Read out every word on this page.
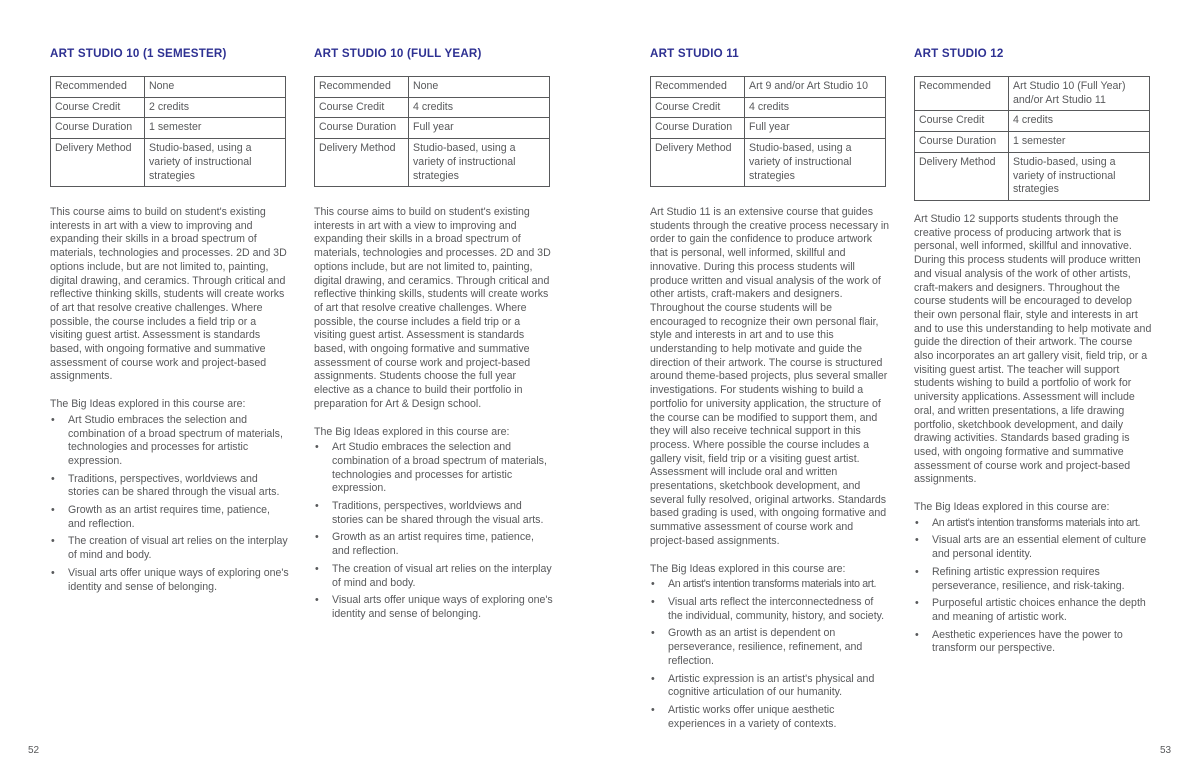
ART STUDIO 10 (1 SEMESTER)
Recommended	None
Course Credit	2 credits
Course Duration	1 semester
Delivery Method	Studio-based, using a variety of instructional strategies

This course aims to build on student's existing interests in art with a view to improving and expanding their skills in a broad spectrum of materials, technologies and processes. 2D and 3D options include, but are not limited to, painting, digital drawing, and ceramics. Through critical and reflective thinking skills, students will create works of art that resolve creative challenges. Where possible, the course includes a field trip or a visiting guest artist. Assessment is standards based, with ongoing formative and summative assessment of course work and project-based assignments.

The Big Ideas explored in this course are:

• Art Studio embraces the selection and combination of a broad spectrum of materials, technologies and processes for artistic expression.
• Traditions, perspectives, worldviews and stories can be shared through the visual arts.
• Growth as an artist requires time, patience, and reflection.
• The creation of visual art relies on the interplay of mind and body.
• Visual arts offer unique ways of exploring one's identity and sense of belonging.
ART STUDIO 10 (FULL YEAR)
Recommended	None
Course Credit	4 credits
Course Duration	Full year
Delivery Method	Studio-based, using a variety of instructional strategies

This course aims to build on student's existing interests in art with a view to improving and expanding their skills in a broad spectrum of materials, technologies and processes. 2D and 3D options include, but are not limited to, painting, digital drawing, and ceramics. Through critical and reflective thinking skills, students will create works of art that resolve creative challenges. Where possible, the course includes a field trip or a visiting guest artist. Assessment is standards based, with ongoing formative and summative assessment of course work and project-based assignments. Students choose the full year elective as a chance to build their portfolio in preparation for Art & Design school.

The Big Ideas explored in this course are:

• Art Studio embraces the selection and combination of a broad spectrum of materials, technologies and processes for artistic expression.
• Traditions, perspectives, worldviews and stories can be shared through the visual arts.
• Growth as an artist requires time, patience, and reflection.
• The creation of visual art relies on the interplay of mind and body.
• Visual arts offer unique ways of exploring one's identity and sense of belonging.
ART STUDIO 11
Recommended	Art 9 and/or Art Studio 10
Course Credit	4 credits
Course Duration	Full year
Delivery Method	Studio-based, using a variety of instructional strategies

Art Studio 11 is an extensive course that guides students through the creative process necessary in order to gain the confidence to produce artwork that is personal, well informed, skillful and innovative. During this process students will produce written and visual analysis of the work of other artists, craft-makers and designers. Throughout the course students will be encouraged to recognize their own personal flair, style and interests in art and to use this understanding to help motivate and guide the direction of their artwork. The course is structured around theme-based projects, plus several smaller investigations. For students wishing to build a portfolio for university application, the structure of the course can be modified to support them, and they will also receive technical support in this process. Where possible the course includes a gallery visit, field trip or a visiting guest artist. Assessment will include oral and written presentations, sketchbook development, and several fully resolved, original artworks. Standards based grading is used, with ongoing formative and summative assessment of course work and project-based assignments.

The Big Ideas explored in this course are:

• An artist's intention transforms materials into art.
• Visual arts reflect the interconnectedness of the individual, community, history, and society.
• Growth as an artist is dependent on perseverance, resilience, refinement, and reflection.
• Artistic expression is an artist's physical and cognitive articulation of our humanity.
• Artistic works offer unique aesthetic experiences in a variety of contexts.
ART STUDIO 12
Recommended	Art Studio 10 (Full Year) and/or Art Studio 11
Course Credit	4 credits
Course Duration	1 semester
Delivery Method	Studio-based, using a variety of instructional strategies

Art Studio 12 supports students through the creative process of producing artwork that is personal, well informed, skillful and innovative. During this process students will produce written and visual analysis of the work of other artists, craft-makers and designers. Throughout the course students will be encouraged to develop their own personal flair, style and interests in art and to use this understanding to help motivate and guide the direction of their artwork. The course also incorporates an art gallery visit, field trip, or a visiting guest artist. The teacher will support students wishing to build a portfolio of work for university applications. Assessment will include oral, and written presentations, a life drawing portfolio, sketchbook development, and daily drawing activities. Standards based grading is used, with ongoing formative and summative assessment of course work and project-based assignments.

The Big Ideas explored in this course are:

• An artist's intention transforms materials into art.
• Visual arts are an essential element of culture and personal identity.
• Refining artistic expression requires perseverance, resilience, and risk-taking.
• Purposeful artistic choices enhance the depth and meaning of artistic work.
• Aesthetic experiences have the power to transform our perspective.
52	53
